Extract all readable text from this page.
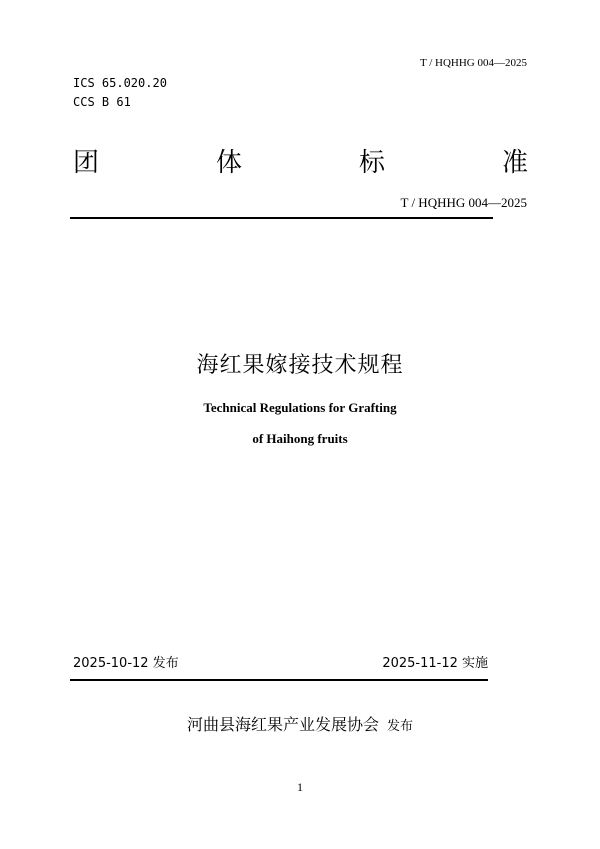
T / HQHHG 004—2025
ICS 65.020.20
CCS B 61
团	体	标	准
T / HQHHG 004—2025
海红果嫁接技术规程
Technical Regulations for Grafting
of Haihong fruits
2025-10-12 发布	2025-11-12 实施
河曲县海红果产业发展协会 发布
1
